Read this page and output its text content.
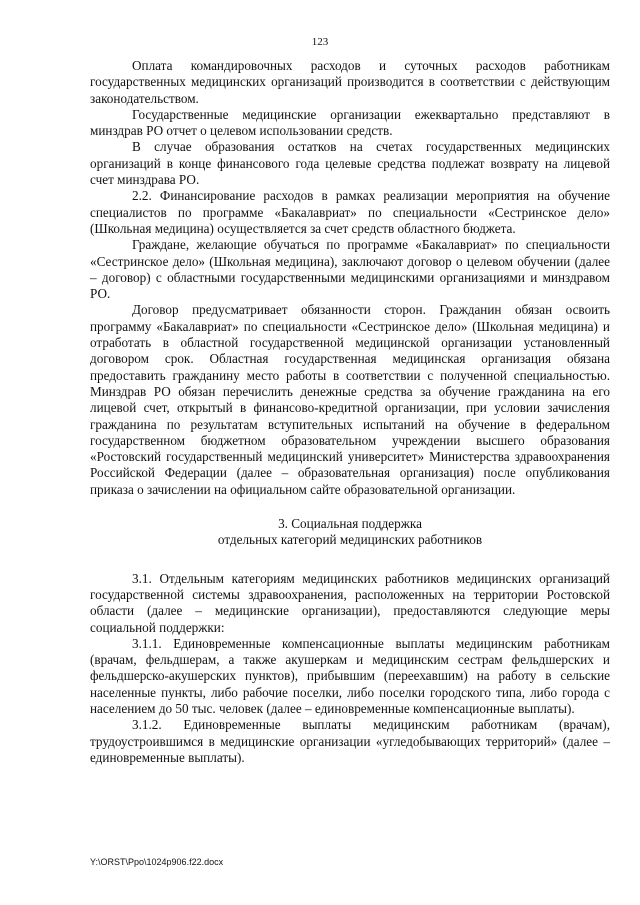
123

Оплата командировочных расходов и суточных расходов работникам государственных медицинских организаций производится в соответствии с действующим законодательством.

Государственные медицинские организации ежеквартально представляют в минздрав РО отчет о целевом использовании средств.

В случае образования остатков на счетах государственных медицинских организаций в конце финансового года целевые средства подлежат возврату на лицевой счет минздрава РО.

2.2. Финансирование расходов в рамках реализации мероприятия на обучение специалистов по программе «Бакалавриат» по специальности «Сестринское дело» (Школьная медицина) осуществляется за счет средств областного бюджета.

Граждане, желающие обучаться по программе «Бакалавриат» по специальности «Сестринское дело» (Школьная медицина), заключают договор о целевом обучении (далее – договор) с областными государственными медицинскими организациями и минздравом РО.

Договор предусматривает обязанности сторон. Гражданин обязан освоить программу «Бакалавриат» по специальности «Сестринское дело» (Школьная медицина) и отработать в областной государственной медицинской организации установленный договором срок. Областная государственная медицинская организация обязана предоставить гражданину место работы в соответствии с полученной специальностью. Минздрав РО обязан перечислить денежные средства за обучение гражданина на его лицевой счет, открытый в финансово-кредитной организации, при условии зачисления гражданина по результатам вступительных испытаний на обучение в федеральном государственном бюджетном образовательном учреждении высшего образования «Ростовский государственный медицинский университет» Министерства здравоохранения Российской Федерации (далее – образовательная организация) после опубликования приказа о зачислении на официальном сайте образовательной организации.

3. Социальная поддержка
отдельных категорий медицинских работников

3.1. Отдельным категориям медицинских работников медицинских организаций государственной системы здравоохранения, расположенных на территории Ростовской области (далее – медицинские организации), предоставляются следующие меры социальной поддержки:

3.1.1. Единовременные компенсационные выплаты медицинским работникам (врачам, фельдшерам, а также акушеркам и медицинским сестрам фельдшерских и фельдшерско-акушерских пунктов), прибывшим (переехавшим) на работу в сельские населенные пункты, либо рабочие поселки, либо поселки городского типа, либо города с населением до 50 тыс. человек (далее – единовременные компенсационные выплаты).

3.1.2. Единовременные выплаты медицинским работникам (врачам), трудоустроившимся в медицинские организации «угледобывающих территорий» (далее – единовременные выплаты).

Y:\ORST\Ppo\1024p906.f22.docx
